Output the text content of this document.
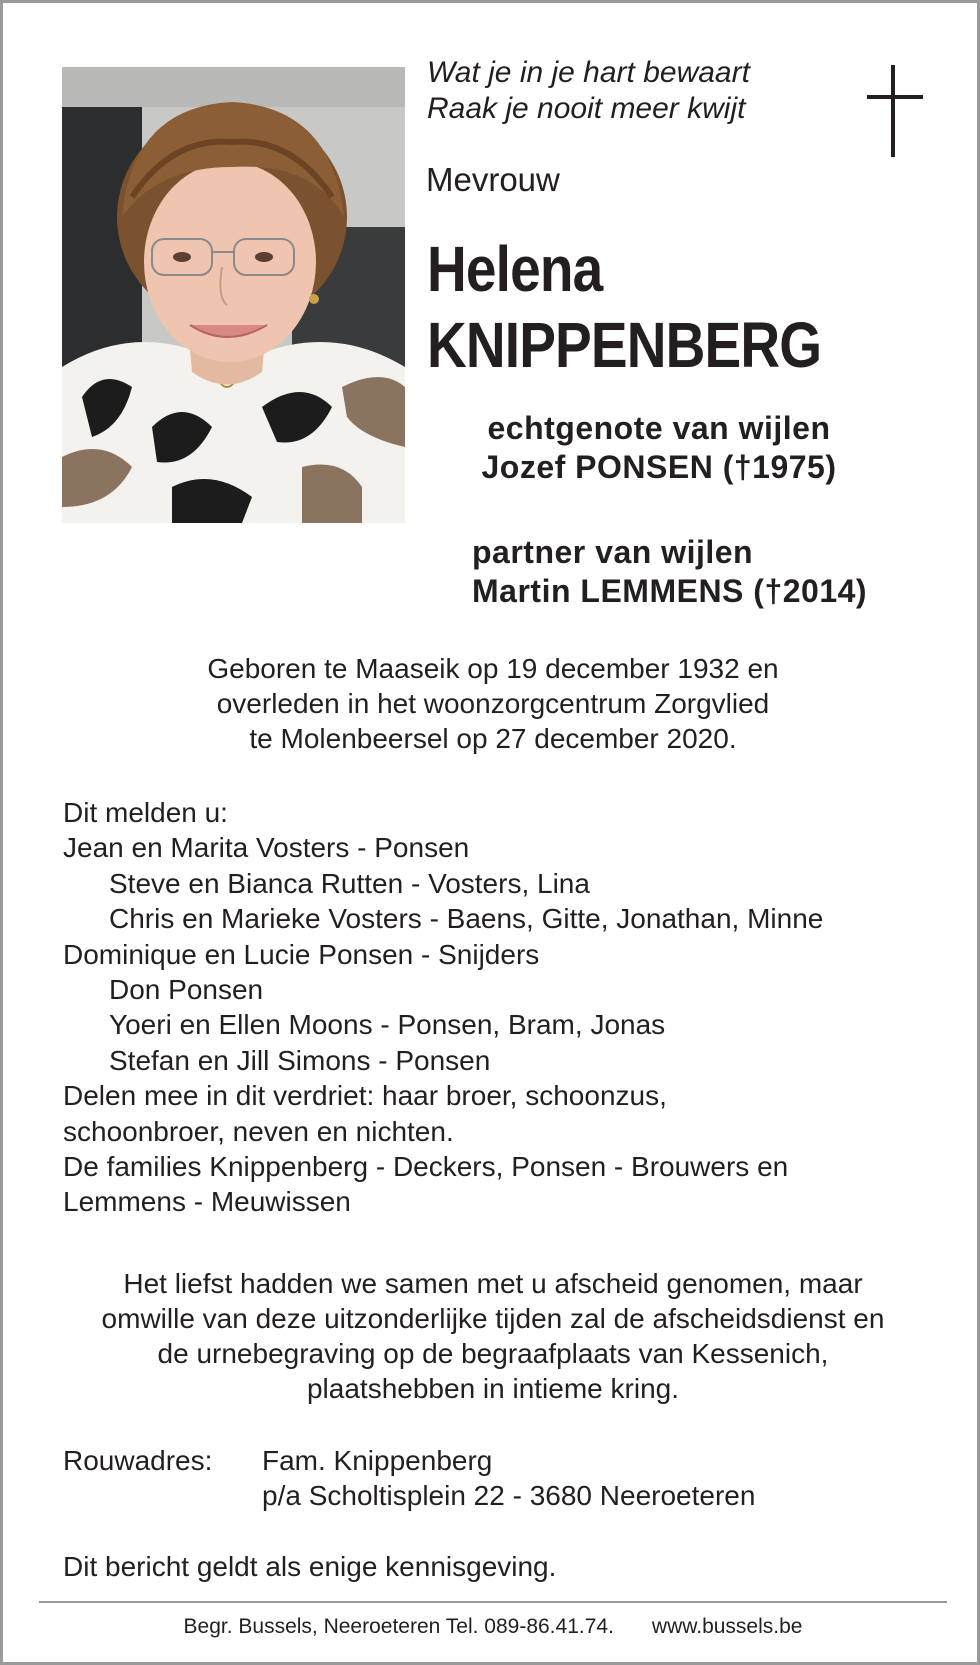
Wat je in je hart bewaart
Raak je nooit meer kwijt
Mevrouw
Helena
KNIPPENBERG
echtgenote van wijlen
Jozef PONSEN (†1975)
partner van wijlen
Martin LEMMENS (†2014)
Geboren te Maaseik op 19 december 1932 en
overleden in het woonzorgcentrum Zorgvlied
te Molenbeersel op 27 december 2020.
Dit melden u:
Jean en Marita Vosters - Ponsen
Steve en Bianca Rutten - Vosters, Lina
Chris en Marieke Vosters - Baens, Gitte, Jonathan, Minne
Dominique en Lucie Ponsen - Snijders
Don Ponsen
Yoeri en Ellen Moons - Ponsen, Bram, Jonas
Stefan en Jill Simons - Ponsen
Delen mee in dit verdriet: haar broer, schoonzus,
schoonbroer, neven en nichten.
De families Knippenberg - Deckers, Ponsen - Brouwers en
Lemmens - Meuwissen
Het liefst hadden we samen met u afscheid genomen, maar
omwille van deze uitzonderlijke tijden zal de afscheidsdienst en
de urnebegraving op de begraafplaats van Kessenich,
plaatshebben in intieme kring.
Rouwadres: Fam. Knippenberg
p/a Scholtisplein 22 - 3680 Neeroeteren
Dit bericht geldt als enige kennisgeving.
Begr. Bussels, Neeroeteren Tel. 089-86.41.74. www.bussels.be
